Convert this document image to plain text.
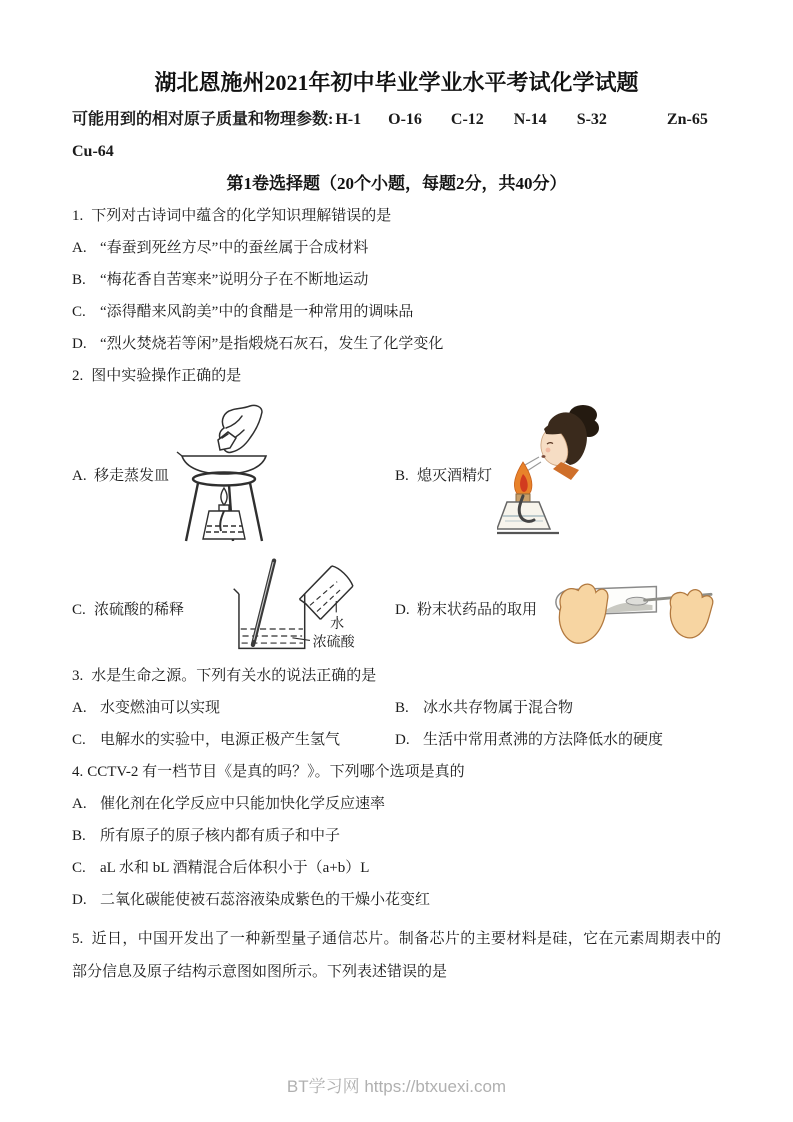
湖北恩施州2021年初中毕业学业水平考试化学试题
可能用到的相对原子质量和物理参数: H-1 O-16 C-12 N-14 S-32	Zn-65
Cu-64
第1卷选择题（20个小题，每题2分，共40分）
1. 下列对古诗词中蕴含的化学知识理解错误的是
A. “春蚕到死丝方尽”中的蚕丝属于合成材料
B. “梅花香自苦寒来”说明分子在不断地运动
C. “添得醋来风韵美”中的食醋是一种常用的调味品
D. “烈火焚烧若等闲”是指煅烧石灰石，发生了化学变化
2. 图中实验操作正确的是
A. 移走蒸发皿	B. 熄灭酒精灯
C. 浓硫酸的稀释
水
浓硫酸
D. 粉末状药品的取用
3. 水是生命之源。下列有关水的说法正确的是
A. 水变燃油可以实现	B. 冰水共存物属于混合物
C. 电解水的实验中，电源正极产生氢气	D. 生活中常用煮沸的方法降低水的硬度
4. CCTV-2 有一档节目《是真的吗？》。下列哪个选项是真的
A. 催化剂在化学反应中只能加快化学反应速率
B. 所有原子的原子核内都有质子和中子
C. aL 水和 bL 酒精混合后体积小于（a+b）L
D. 二氧化碳能使被石蕊溶液染成紫色的干燥小花变红

5. 近日，中国开发出了一种新型量子通信芯片。制备芯片的主要材料是硅，它在元素周期表中的部分信息及原子结构示意图如图所示。下列表述错误的是

BT学习网 https://btxuexi.com
